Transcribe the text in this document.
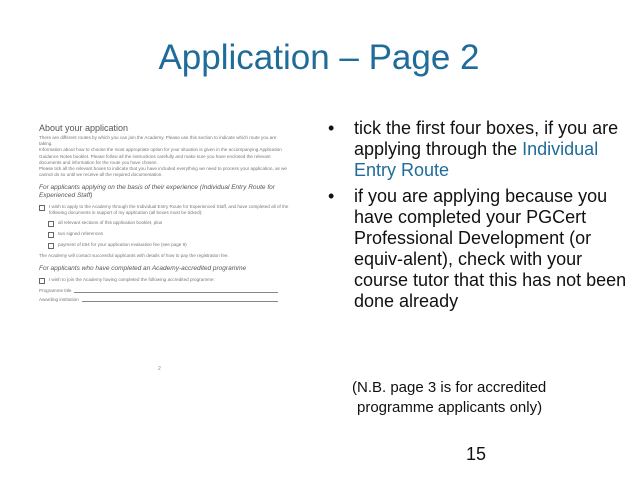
Application – Page 2
About your application
There are different routes by which you can join the Academy. Please use this section to indicate which route you are taking.
Information about how to choose the most appropriate option for your situation is given in the accompanying Application Guidance Notes booklet. Please follow all the instructions carefully and make sure you have enclosed the relevant documents and information for the route you have chosen.
Please tick all the relevant boxes to indicate that you have included everything we need to process your application, as we cannot do so until we receive all the required documentation.
For applicants applying on the basis of their experience (Individual Entry Route for Experienced Staff)
I wish to apply to the Academy through the Individual Entry Route for Experienced Staff, and have completed all of the following documents in support of my application (all boxes must be ticked):
all relevant sections of this application booklet, plus
two signed references
payment of £94 for your application evaluation fee (see page 9)
The Academy will contact successful applicants with details of how to pay the registration fee.
For applicants who have completed an Academy-accredited programme
I wish to join the Academy having completed the following accredited programme:
Programme title
Awarding institution
2
• tick the first four boxes, if you are applying through the Individual Entry Route
• if you are applying because you have completed your PGCert Professional Development (or equiv-alent), check with your course tutor that this has not been done already
(N.B. page 3 is for accredited
programme applicants only)
15
